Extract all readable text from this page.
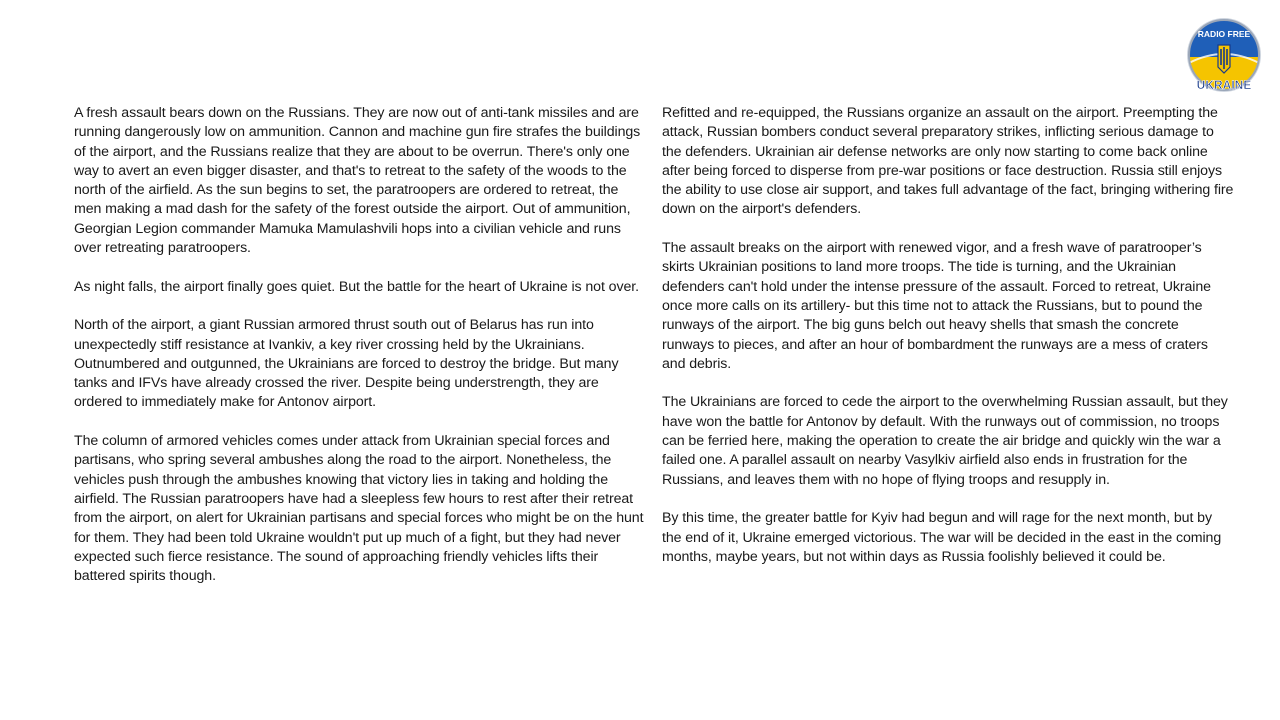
RADIO FREE
UKRAINE

A fresh assault bears down on the Russians. They are now out of anti-tank missiles and are running dangerously low on ammunition. Cannon and machine gun fire strafes the buildings of the airport, and the Russians realize that they are about to be overrun. There's only one way to avert an even bigger disaster, and that's to retreat to the safety of the woods to the north of the airfield. As the sun begins to set, the paratroopers are ordered to retreat, the men making a mad dash for the safety of the forest outside the airport. Out of ammunition, Georgian Legion commander Mamuka Mamulashvili hops into a civilian vehicle and runs over retreating paratroopers.

As night falls, the airport finally goes quiet. But the battle for the heart of Ukraine is not over.

North of the airport, a giant Russian armored thrust south out of Belarus has run into unexpectedly stiff resistance at Ivankiv, a key river crossing held by the Ukrainians. Outnumbered and outgunned, the Ukrainians are forced to destroy the bridge. But many tanks and IFVs have already crossed the river. Despite being understrength, they are ordered to immediately make for Antonov airport.

The column of armored vehicles comes under attack from Ukrainian special forces and partisans, who spring several ambushes along the road to the airport. Nonetheless, the vehicles push through the ambushes knowing that victory lies in taking and holding the airfield. The Russian paratroopers have had a sleepless few hours to rest after their retreat from the airport, on alert for Ukrainian partisans and special forces who might be on the hunt for them. They had been told Ukraine wouldn't put up much of a fight, but they had never expected such fierce resistance. The sound of approaching friendly vehicles lifts their battered spirits though.

Refitted and re-equipped, the Russians organize an assault on the airport. Preempting the attack, Russian bombers conduct several preparatory strikes, inflicting serious damage to the defenders. Ukrainian air defense networks are only now starting to come back online after being forced to disperse from pre-war positions or face destruction. Russia still enjoys the ability to use close air support, and takes full advantage of the fact, bringing withering fire down on the airport's defenders.

The assault breaks on the airport with renewed vigor, and a fresh wave of paratrooper’s skirts Ukrainian positions to land more troops. The tide is turning, and the Ukrainian defenders can't hold under the intense pressure of the assault. Forced to retreat, Ukraine once more calls on its artillery- but this time not to attack the Russians, but to pound the runways of the airport. The big guns belch out heavy shells that smash the concrete runways to pieces, and after an hour of bombardment the runways are a mess of craters and debris.

The Ukrainians are forced to cede the airport to the overwhelming Russian assault, but they have won the battle for Antonov by default. With the runways out of commission, no troops can be ferried here, making the operation to create the air bridge and quickly win the war a failed one. A parallel assault on nearby Vasylkiv airfield also ends in frustration for the Russians, and leaves them with no hope of flying troops and resupply in.

By this time, the greater battle for Kyiv had begun and will rage for the next month, but by the end of it, Ukraine emerged victorious. The war will be decided in the east in the coming months, maybe years, but not within days as Russia foolishly believed it could be.
